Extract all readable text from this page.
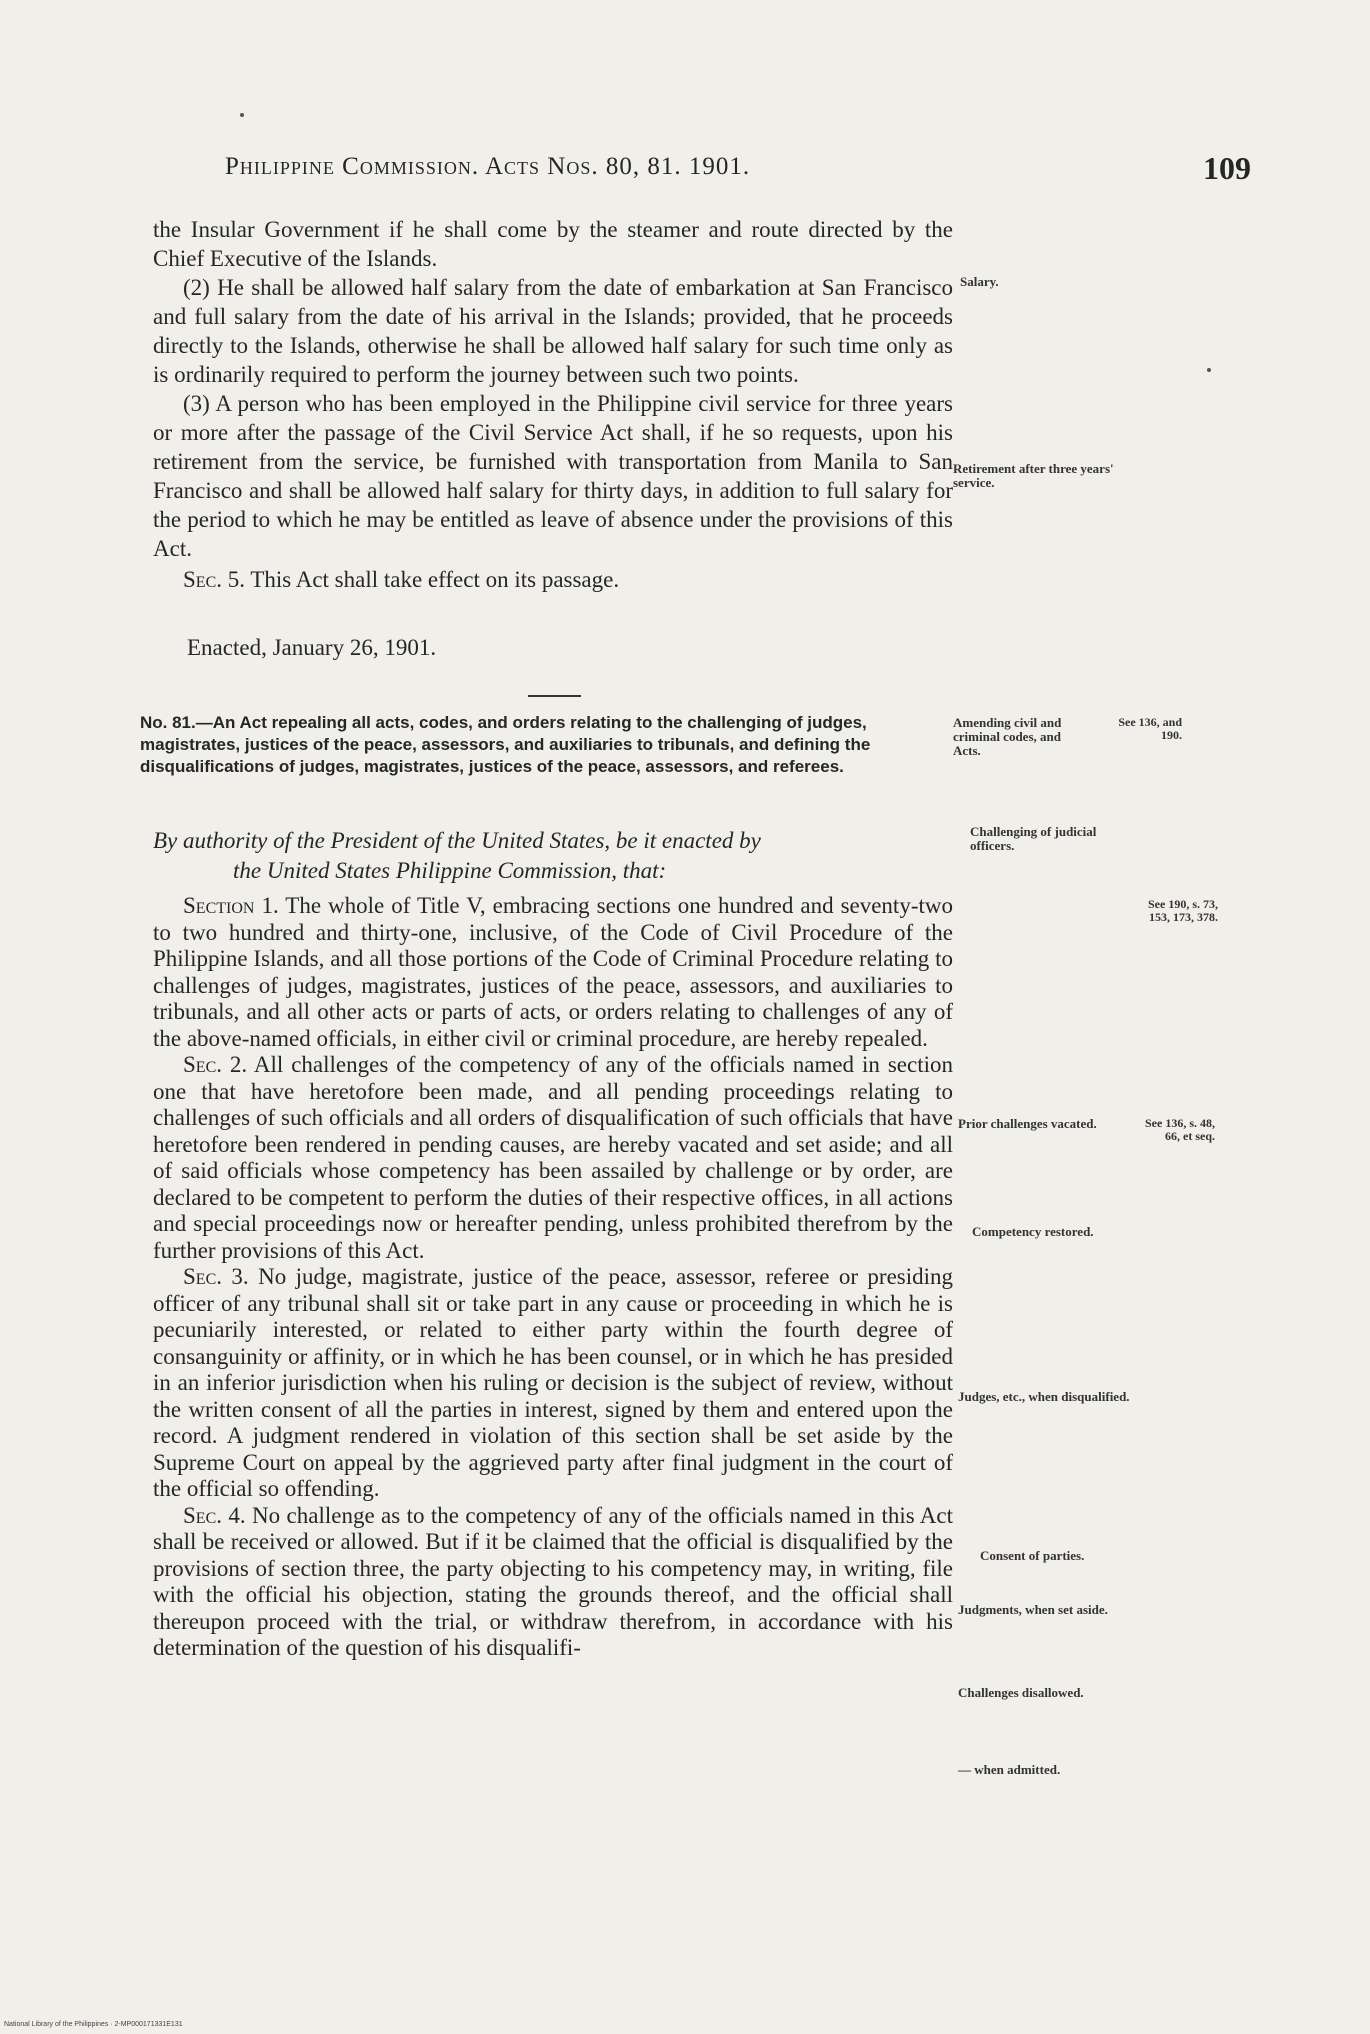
Philippine Commission. Acts Nos. 80, 81. 1901.	109

the Insular Government if he shall come by the steamer and route directed by the Chief Executive of the Islands.

(2) He shall be allowed half salary from the date of embarkation at San Francisco and full salary from the date of his arrival in the Islands; provided, that he proceeds directly to the Islands, otherwise he shall be allowed half salary for such time only as is ordinarily required to perform the journey between such two points.

(3) A person who has been employed in the Philippine civil service for three years or more after the passage of the Civil Service Act shall, if he so requests, upon his retirement from the service, be furnished with transportation from Manila to San Francisco and shall be allowed half salary for thirty days, in addition to full salary for the period to which he may be entitled as leave of absence under the provisions of this Act.

Sec. 5. This Act shall take effect on its passage.

Enacted, January 26, 1901.
No. 81.—An Act repealing all acts, codes, and orders relating to the challenging of judges, magistrates, justices of the peace, assessors, and auxiliaries to tribunals, and defining the disqualifications of judges, magistrates, justices of the peace, assessors, and referees.
By authority of the President of the United States, be it enacted by
the United States Philippine Commission, that:

Section 1. The whole of Title V, embracing sections one hundred and seventy-two to two hundred and thirty-one, inclusive, of the Code of Civil Procedure of the Philippine Islands, and all those portions of the Code of Criminal Procedure relating to challenges of judges, magistrates, justices of the peace, assessors, and auxiliaries to tribunals, and all other acts or parts of acts, or orders relating to challenges of any of the above-named officials, in either civil or criminal procedure, are hereby repealed.

Sec. 2. All challenges of the competency of any of the officials named in section one that have heretofore been made, and all pending proceedings relating to challenges of such officials and all orders of disqualification of such officials that have heretofore been rendered in pending causes, are hereby vacated and set aside; and all of said officials whose competency has been assailed by challenge or by order, are declared to be competent to perform the duties of their respective offices, in all actions and special proceedings now or hereafter pending, unless prohibited therefrom by the further provisions of this Act.

Sec. 3. No judge, magistrate, justice of the peace, assessor, referee or presiding officer of any tribunal shall sit or take part in any cause or proceeding in which he is pecuniarily interested, or related to either party within the fourth degree of consanguinity or affinity, or in which he has been counsel, or in which he has presided in an inferior jurisdiction when his ruling or decision is the subject of review, without the written consent of all the parties in interest, signed by them and entered upon the record. A judgment rendered in violation of this section shall be set aside by the Supreme Court on appeal by the aggrieved party after final judgment in the court of the official so offending.

Sec. 4. No challenge as to the competency of any of the officials named in this Act shall be received or allowed. But if it be claimed that the official is disqualified by the provisions of section three, the party objecting to his competency may, in writing, file with the official his objection, stating the grounds thereof, and the official shall thereupon proceed with the trial, or withdraw therefrom, in accordance with his determination of the question of his disqualifi-

Salary.
Retirement after three years' service.
Amending civil and criminal codes, and Acts.
See 136, and 190.
Challenging of judicial officers.
See 190, s. 73, 153, 173, 378.
Prior challenges vacated.	See 136, s. 48, 66, et seq.
Competency restored.
Judges, etc., when disqualified.
Consent of parties.
Judgments, when set aside.
Challenges disallowed.
— when admitted.
National Library of the Philippines · 2-MP000171331E131
